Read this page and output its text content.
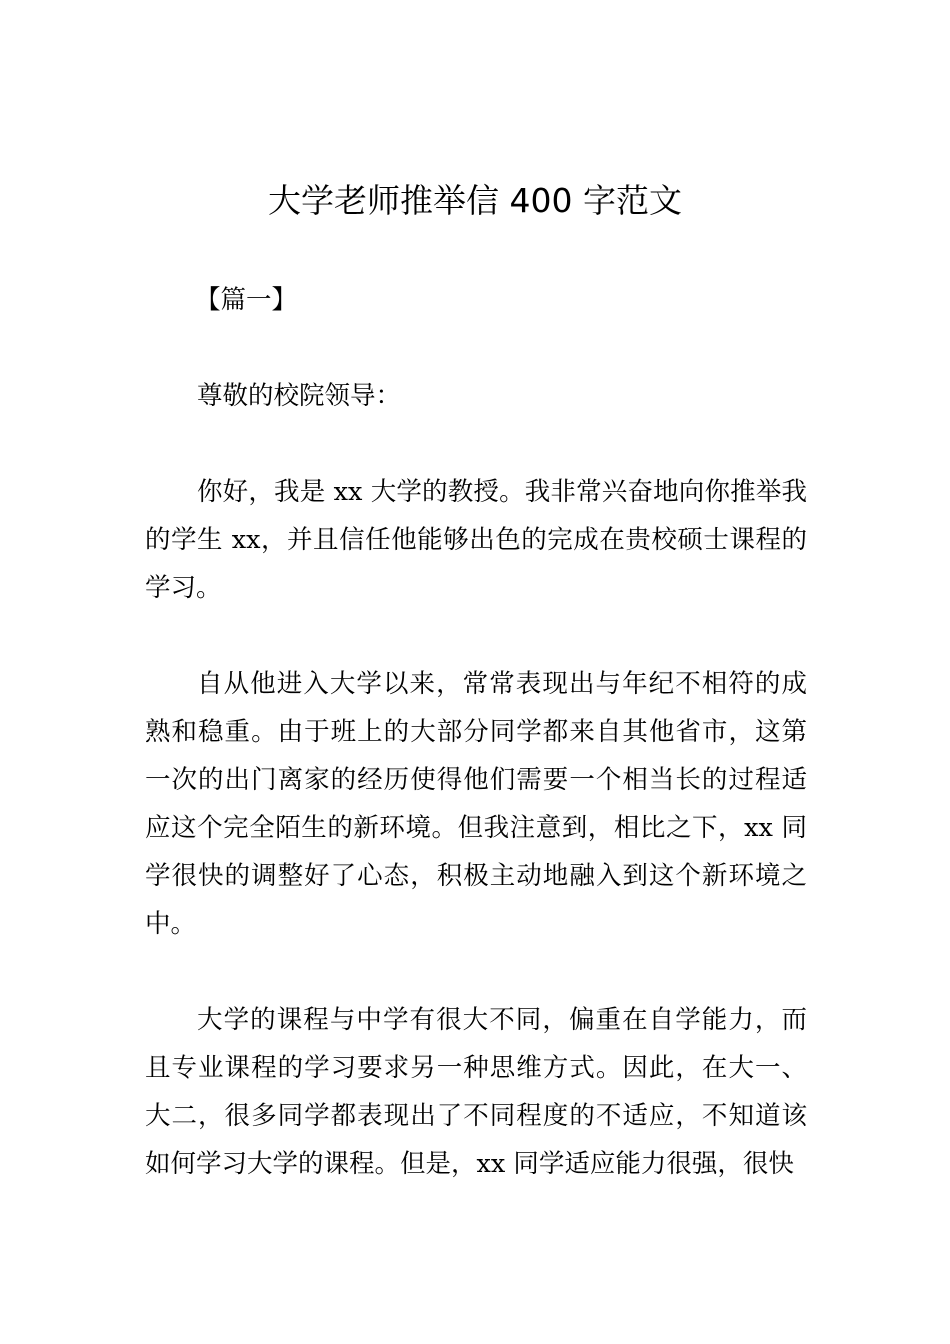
大学老师推举信 400 字范文

【篇一】

尊敬的校院领导：

你好，我是 xx 大学的教授。我非常兴奋地向你推举我的学生 xx，并且信任他能够出色的完成在贵校硕士课程的学习。

自从他进入大学以来，常常表现出与年纪不相符的成熟和稳重。由于班上的大部分同学都来自其他省市，这第一次的出门离家的经历使得他们需要一个相当长的过程适应这个完全陌生的新环境。但我注意到，相比之下，xx 同学很快的调整好了心态，积极主动地融入到这个新环境之中。

大学的课程与中学有很大不同，偏重在自学能力，而且专业课程的学习要求另一种思维方式。因此，在大一、大二，很多同学都表现出了不同程度的不适应，不知道该如何学习大学的课程。但是，xx 同学适应能力很强，很快
